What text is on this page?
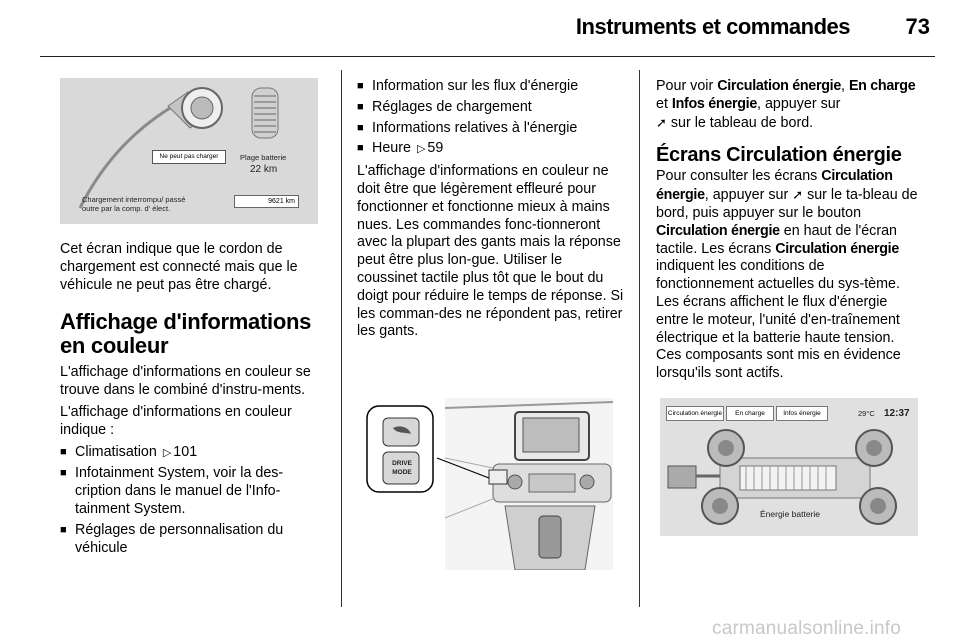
Instruments et commandes	73
Ne peut pas charger	Plage batterie
22 km
Chargement interrompu/ passé
outre par la comp. d' élect.
9621 km

Cet écran indique que le cordon de chargement est connecté mais que le véhicule ne peut pas être chargé.

Affichage d'informations
en couleur

L'affichage d'informations en couleur se trouve dans le combiné d'instru-ments.

L'affichage d'informations en couleur indique :

■ Climatisation ▷ 101
■ Infotainment System, voir la des-cription dans le manuel de l'Info-tainment System.
■ Réglages de personnalisation du véhicule
■ Information sur les flux d'énergie
■ Réglages de chargement
■ Informations relatives à l'énergie
■ Heure ▷ 59

L'affichage d'informations en couleur ne doit être que légèrement effleuré pour fonctionner et fonctionne mieux à mains nues. Les commandes fonc-tionneront avec la plupart des gants mais la réponse peut être plus lon-gue. Utiliser le coussinet tactile plus tôt que le bout du doigt pour réduire le temps de réponse. Si les comman-des ne répondent pas, retirer les gants.

DRIVE
MODE

Pour voir Circulation énergie, En charge et Infos énergie, appuyer sur
➚ sur le tableau de bord.

Écrans Circulation énergie

Pour consulter les écrans Circulation énergie, appuyer sur ➚ sur le ta-bleau de bord, puis appuyer sur le bouton Circulation énergie en haut de l'écran tactile. Les écrans Circulation énergie indiquent les conditions de fonctionnement actuelles du sys-tème. Les écrans affichent le flux d'énergie entre le moteur, l'unité d'en-traînement électrique et la batterie haute tension. Ces composants sont mis en évidence lorsqu'ils sont actifs.

Circulation énergie	En charge	Infos énergie	29°C 12:37
Énergie batterie
carmanualsonline.info
